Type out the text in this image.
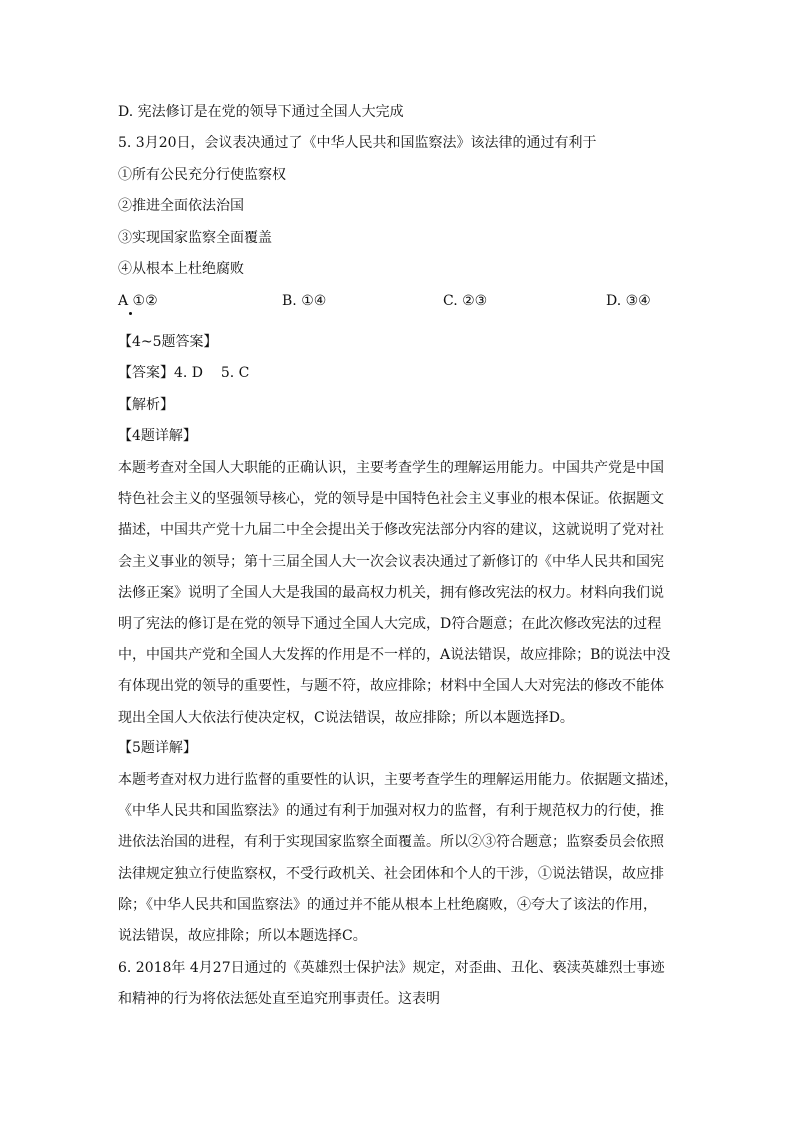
D. 宪法修订是在党的领导下通过全国人大完成
5. 3月20日，会议表决通过了《中华人民共和国监察法》该法律的通过有利于
①所有公民充分行使监察权
②推进全面依法治国
③实现国家监察全面覆盖
④从根本上杜绝腐败
A ①②	B. ①④	C. ②③	D. ③④
【4~5题答案】
【答案】4. D    5. C
【解析】
【4题详解】
本题考查对全国人大职能的正确认识，主要考查学生的理解运用能力。中国共产党是中国
特色社会主义的坚强领导核心，党的领导是中国特色社会主义事业的根本保证。依据题文
描述，中国共产党十九届二中全会提出关于修改宪法部分内容的建议，这就说明了党对社
会主义事业的领导；第十三届全国人大一次会议表决通过了新修订的《中华人民共和国宪
法修正案》说明了全国人大是我国的最高权力机关，拥有修改宪法的权力。材料向我们说
明了宪法的修订是在党的领导下通过全国人大完成，D符合题意；在此次修改宪法的过程
中，中国共产党和全国人大发挥的作用是不一样的，A说法错误，故应排除；B的说法中没
有体现出党的领导的重要性，与题不符，故应排除；材料中全国人大对宪法的修改不能体
现出全国人大依法行使决定权，C说法错误，故应排除；所以本题选择D。
【5题详解】
本题考查对权力进行监督的重要性的认识，主要考查学生的理解运用能力。依据题文描述，
《中华人民共和国监察法》的通过有利于加强对权力的监督，有利于规范权力的行使，推
进依法治国的进程，有利于实现国家监察全面覆盖。所以②③符合题意；监察委员会依照
法律规定独立行使监察权，不受行政机关、社会团体和个人的干涉，①说法错误，故应排
除；《中华人民共和国监察法》的通过并不能从根本上杜绝腐败，④夸大了该法的作用，
说法错误，故应排除；所以本题选择C。
6. 2018年 4月27日通过的《英雄烈士保护法》规定，对歪曲、丑化、亵渎英雄烈士事迹
和精神的行为将依法惩处直至追究刑事责任。这表明
